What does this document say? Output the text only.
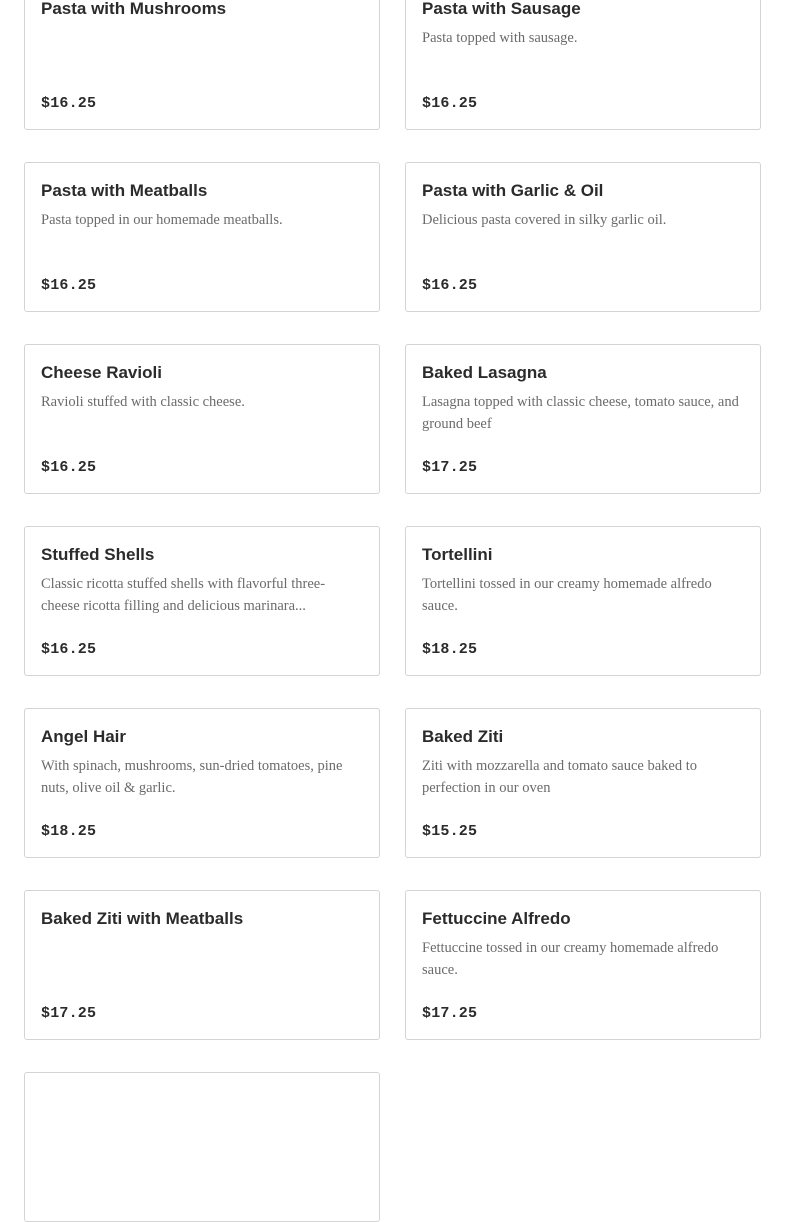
Pasta with Mushrooms
$16.25
Pasta with Sausage
Pasta topped with sausage.
$16.25
Pasta with Meatballs
Pasta topped in our homemade meatballs.
$16.25
Pasta with Garlic & Oil
Delicious pasta covered in silky garlic oil.
$16.25
Cheese Ravioli
Ravioli stuffed with classic cheese.
$16.25
Baked Lasagna
Lasagna topped with classic cheese, tomato sauce, and ground beef
$17.25
Stuffed Shells
Classic ricotta stuffed shells with flavorful three-cheese ricotta filling and delicious marinara...
$16.25
Tortellini
Tortellini tossed in our creamy homemade alfredo sauce.
$18.25
Angel Hair
With spinach, mushrooms, sun-dried tomatoes, pine nuts, olive oil & garlic.
$18.25
Baked Ziti
Ziti with mozzarella and tomato sauce baked to perfection in our oven
$15.25
Baked Ziti with Meatballs
$17.25
Fettuccine Alfredo
Fettuccine tossed in our creamy homemade alfredo sauce.
$17.25
